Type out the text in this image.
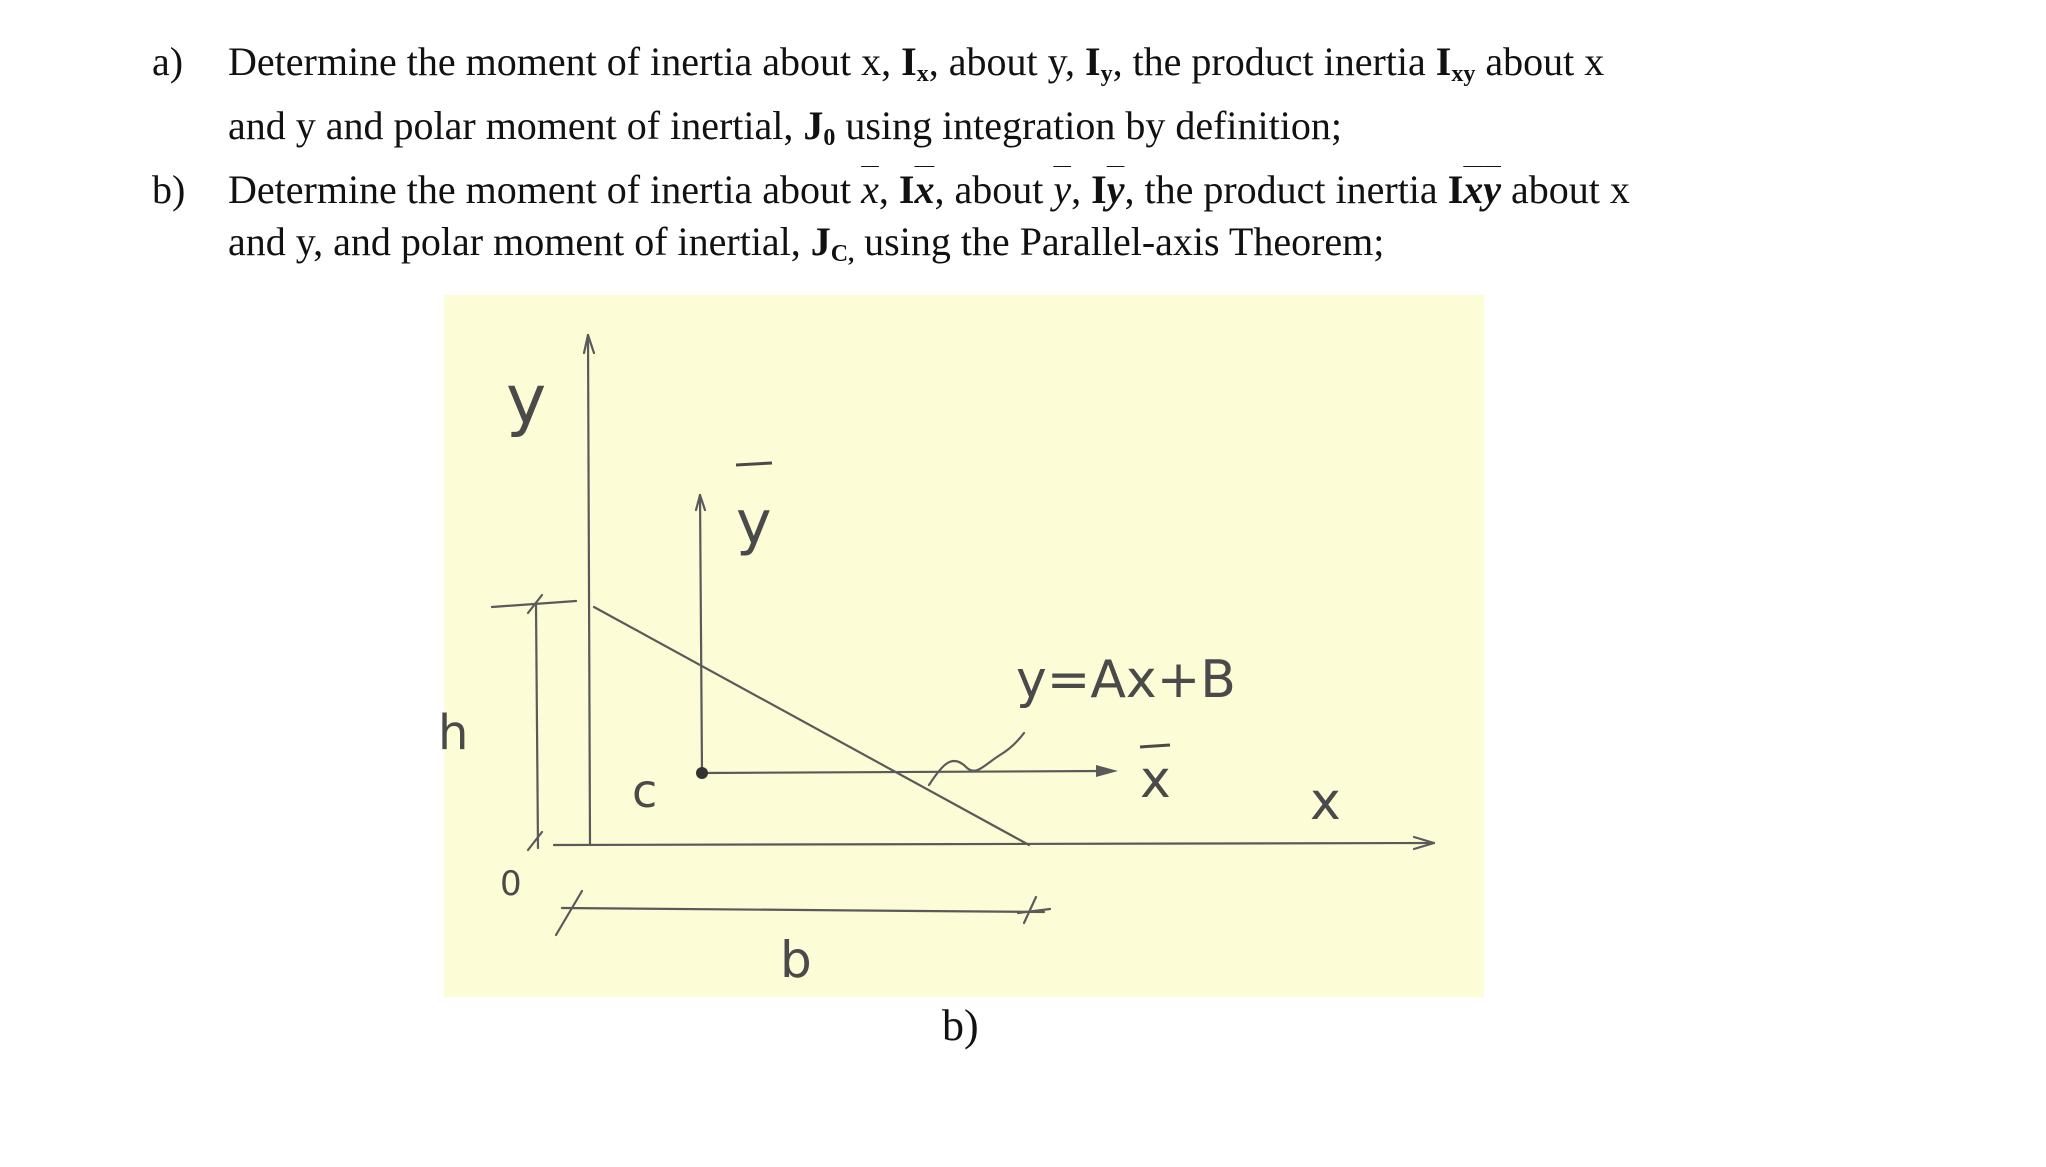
a) Determine the moment of inertia about x, $I_x$, about y, $I_y$, the product inertia $I_{xy}$ about x
and y and polar moment of inertial, $J_0$ using integration by definition;
b) Determine the moment of inertia about $\overline{x}$, $I\overline{x}$, about $\overline{y}$, $I\overline{y}$, the product inertia $I\overline{x}\overline{y}$ about x
and y, and polar moment of inertial, $J_{C,}$ using the Parallel-axis Theorem;
y
y
y=Ax+B
x	x
h
c
0
b
b)
